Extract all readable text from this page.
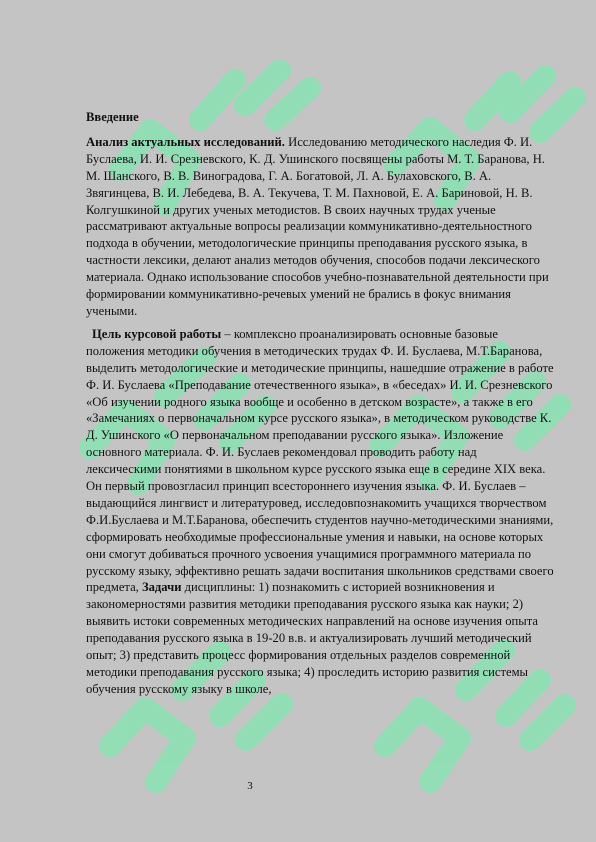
Введение

Анализ актуальных исследований. Исследованию методического наследия Ф. И. Буслаева, И. И. Срезневского, К. Д. Ушинского посвящены работы М. Т. Баранова, Н. М. Шанского, В. В. Виноградова, Г. А. Богатовой, Л. А. Булаховского, В. А. Звягинцева, В. И. Лебедева, В. А. Текучева, Т. М. Пахновой, Е. А. Бариновой, Н. В. Колгушкиной и других ученых методистов. В своих научных трудах ученые рассматривают актуальные вопросы реализации коммуникативно-деятельностного подхода в обучении, методологические принципы преподавания русского языка, в частности лексики, делают анализ методов обучения, способов подачи лексического материала. Однако использование способов учебно-познавательной деятельности при формировании коммуникативно-речевых умений не брались в фокус внимания учеными.

Цель курсовой работы – комплексно проанализировать основные базовые положения методики обучения в методических трудах Ф. И. Буслаева, М.Т.Баранова, выделить методологические и методические принципы, нашедшие отражение в работе Ф. И. Буслаева «Преподавание отечественного языка», в «беседах» И. И. Срезневского «Об изучении родного языка вообще и особенно в детском возрасте», а также в его «Замечаниях о первоначальном курсе русского языка», в методическом руководстве К. Д. Ушинского «О первоначальном преподавании русского языка». Изложение основного материала. Ф. И. Буслаев рекомендовал проводить работу над лексическими понятиями в школьном курсе русского языка еще в середине XIX века. Он первый провозгласил принцип всестороннего изучения языка. Ф. И. Буслаев – выдающийся лингвист и литературовед, исследовпознакомить учащихся творчеством Ф.И.Буслаева и М.Т.Баранова, обеспечить студентов научно-методическими знаниями, сформировать необходимые профессиональные умения и навыки, на основе которых они смогут добиваться прочного усвоения учащимися программного материала по русскому языку, эффективно решать задачи воспитания школьников средствами своего предмета, Задачи дисциплины: 1) познакомить с историей возникновения и закономерностями развития методики преподавания русского языка как науки; 2) выявить истоки современных методических направлений на основе изучения опыта преподавания русского языка в 19-20 в.в. и актуализировать лучший методический опыт; 3) представить процесс формирования отдельных разделов современной методики преподавания русского языка; 4) проследить историю развития системы обучения русскому языку в школе,

3
